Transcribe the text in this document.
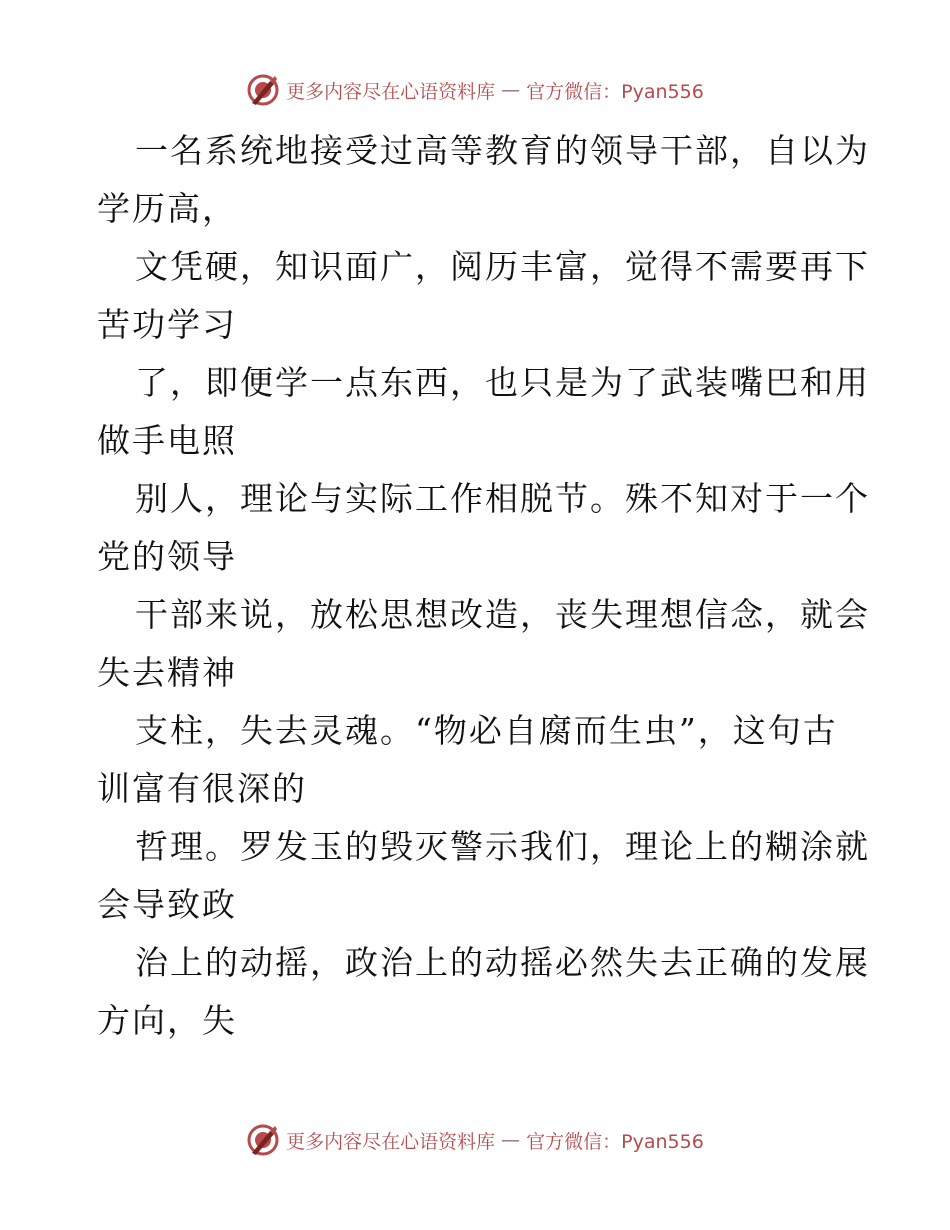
更多内容尽在心语资料库 — 官方微信：Pyan556
一名系统地接受过高等教育的领导干部，自以为
学历高，
文凭硬，知识面广，阅历丰富，觉得不需要再下
苦功学习
了，即便学一点东西，也只是为了武装嘴巴和用
做手电照
别人，理论与实际工作相脱节。殊不知对于一个
党的领导
干部来说，放松思想改造，丧失理想信念，就会
失去精神
支柱，失去灵魂。“物必自腐而生虫”，这句古
训富有很深的
哲理。罗发玉的毁灭警示我们，理论上的糊涂就
会导致政
治上的动摇，政治上的动摇必然失去正确的发展
方向，失
更多内容尽在心语资料库 — 官方微信：Pyan556
